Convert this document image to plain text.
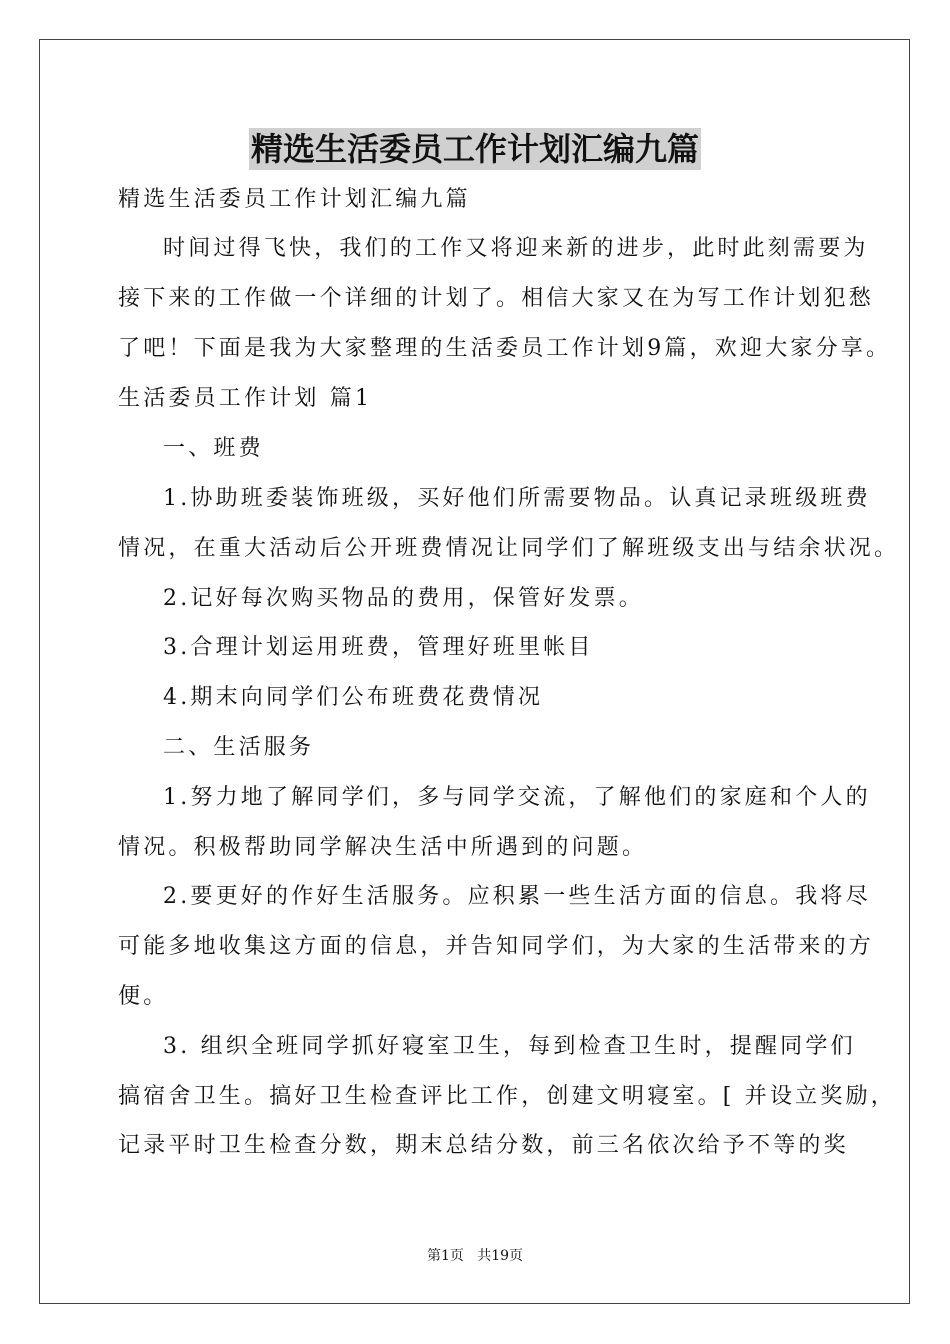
精选生活委员工作计划汇编九篇
精选生活委员工作计划汇编九篇
时间过得飞快，我们的工作又将迎来新的进步，此时此刻需要为
接下来的工作做一个详细的计划了。相信大家又在为写工作计划犯愁
了吧！下面是我为大家整理的生活委员工作计划9篇，欢迎大家分享。
生活委员工作计划 篇1
一、班费
1.协助班委装饰班级，买好他们所需要物品。认真记录班级班费
情况，在重大活动后公开班费情况让同学们了解班级支出与结余状况。
2.记好每次购买物品的费用，保管好发票。
3.合理计划运用班费，管理好班里帐目
4.期末向同学们公布班费花费情况
二、生活服务
1.努力地了解同学们，多与同学交流，了解他们的家庭和个人的
情况。积极帮助同学解决生活中所遇到的问题。
2.要更好的作好生活服务。应积累一些生活方面的信息。我将尽
可能多地收集这方面的信息，并告知同学们，为大家的生活带来的方
便。
3. 组织全班同学抓好寝室卫生，每到检查卫生时，提醒同学们
搞宿舍卫生。搞好卫生检查评比工作，创建文明寝室。[ 并设立奖励，
记录平时卫生检查分数，期末总结分数，前三名依次给予不等的奖
第1页   共19页
